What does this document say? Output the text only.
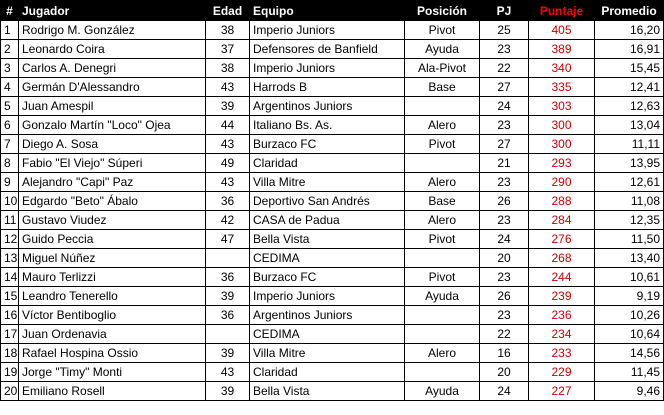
#	Jugador	Edad	Equipo	Posición	PJ	Puntaje	Promedio
1	Rodrigo M. González	38	Imperio Juniors	Pivot	25	405	16,20
2	Leonardo Coira	37	Defensores de Banfield	Ayuda	23	389	16,91
3	Carlos A. Denegri	38	Imperio Juniors	Ala-Pivot	22	340	15,45
4	Germán D'Alessandro	43	Harrods B	Base	27	335	12,41
5	Juan Amespil	39	Argentinos Juniors		24	303	12,63
6	Gonzalo Martín "Loco" Ojea	44	Italiano Bs. As.	Alero	23	300	13,04
7	Diego A. Sosa	43	Burzaco FC	Pivot	27	300	11,11
8	Fabio "El Viejo" Súperi	49	Claridad		21	293	13,95
9	Alejandro "Capi" Paz	43	Villa Mitre	Alero	23	290	12,61
10	Edgardo "Beto" Ábalo	36	Deportivo San Andrés	Base	26	288	11,08
11	Gustavo Viudez	42	CASA de Padua	Alero	23	284	12,35
12	Guido Peccia	47	Bella Vista	Pivot	24	276	11,50
13	Miguel Núñez		CEDIMA		20	268	13,40
14	Mauro Terlizzi	36	Burzaco FC	Pivot	23	244	10,61
15	Leandro Tenerello	39	Imperio Juniors	Ayuda	26	239	9,19
16	Víctor Bentiboglio	36	Argentinos Juniors		23	236	10,26
17	Juan Ordenavia		CEDIMA		22	234	10,64
18	Rafael Hospina Ossio	39	Villa Mitre	Alero	16	233	14,56
19	Jorge "Timy" Monti	43	Claridad		20	229	11,45
20	Emiliano Rosell	39	Bella Vista	Ayuda	24	227	9,46
